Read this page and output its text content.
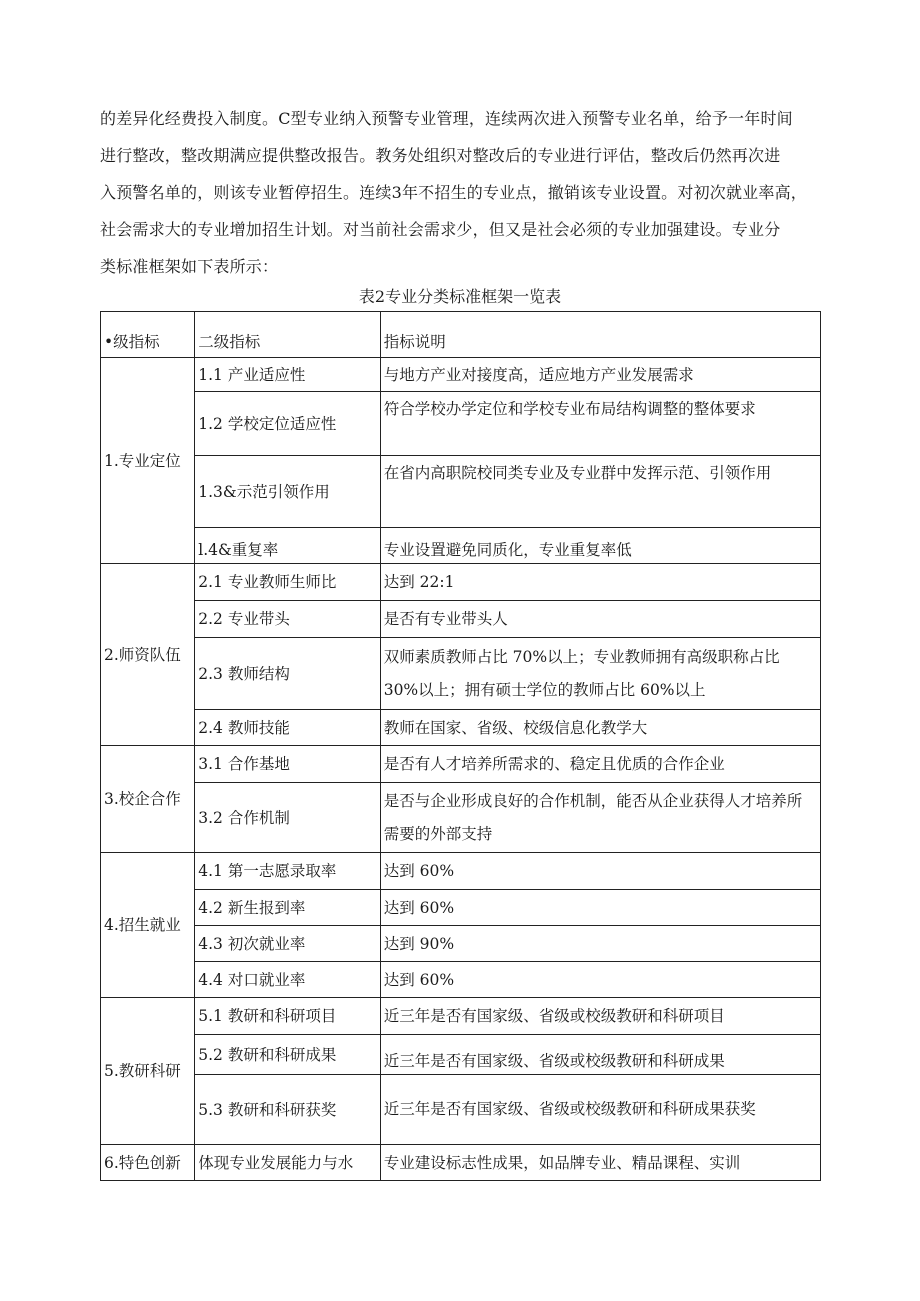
的差异化经费投入制度。C型专业纳入预警专业管理，连续两次进入预警专业名单，给予一年时间
进行整改，整改期满应提供整改报告。教务处组织对整改后的专业进行评估，整改后仍然再次进
入预警名单的，则该专业暂停招生。连续3年不招生的专业点，撤销该专业设置。对初次就业率高，
社会需求大的专业增加招生计划。对当前社会需求少，但又是社会必须的专业加强建设。专业分
类标准框架如下表所示：
表2专业分类标准框架一览表
•级指标	二级指标	指标说明
1.专业定位	1.1 产业适应性	与地方产业对接度高，适应地方产业发展需求
	1.2 学校定位适应性	符合学校办学定位和学校专业布局结构调整的整体要求
	1.3&示范引领作用	在省内高职院校同类专业及专业群中发挥示范、引领作用
	l.4&重复率	专业设置避免同质化，专业重复率低
2.师资队伍	2.1 专业教师生师比	达到 22:1
	2.2 专业带头	是否有专业带头人
	2.3 教师结构	双师素质教师占比 70%以上；专业教师拥有高级职称占比 30%以上；拥有硕士学位的教师占比 60%以上
	2.4 教师技能	教师在国家、省级、校级信息化教学大
3.校企合作	3.1 合作基地	是否有人才培养所需求的、稳定且优质的合作企业
	3.2 合作机制	是否与企业形成良好的合作机制，能否从企业获得人才培养所需要的外部支持
4.招生就业	4.1 第一志愿录取率	达到 60%
	4.2 新生报到率	达到 60%
	4.3 初次就业率	达到 90%
	4.4 对口就业率	达到 60%
5.教研科研	5.1 教研和科研项目	近三年是否有国家级、省级或校级教研和科研项目
	5.2 教研和科研成果	近三年是否有国家级、省级或校级教研和科研成果
	5.3 教研和科研获奖	近三年是否有国家级、省级或校级教研和科研成果获奖
6.特色创新	体现专业发展能力与水	专业建设标志性成果，如品牌专业、精品课程、实训
